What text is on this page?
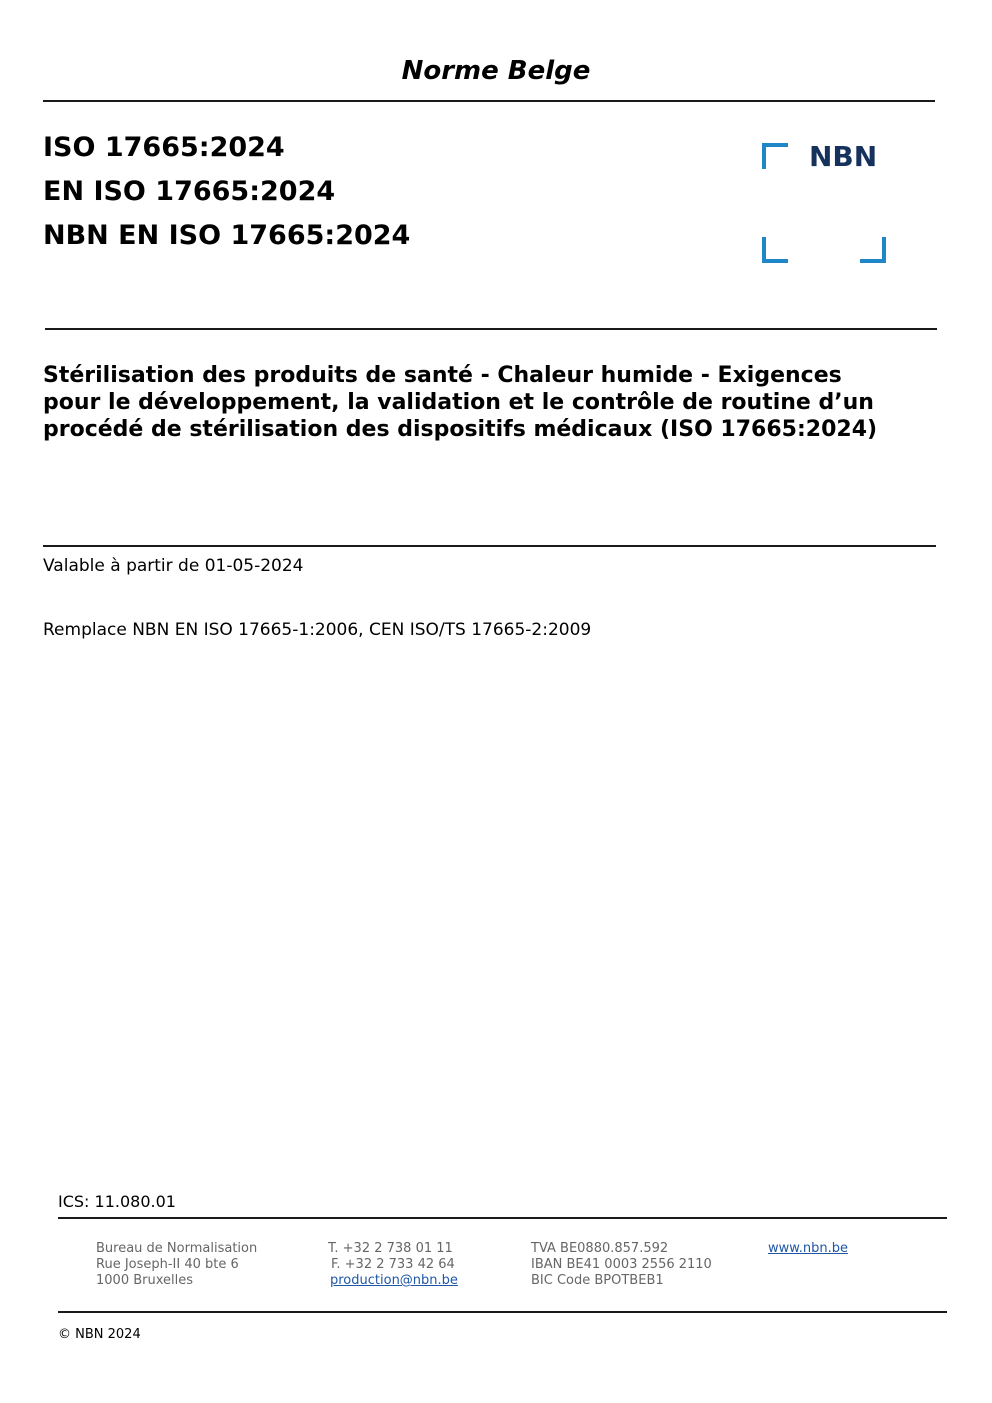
Norme Belge
ISO 17665:2024
EN ISO 17665:2024
NBN EN ISO 17665:2024
NBN
Stérilisation des produits de santé - Chaleur humide - Exigences pour le développement, la validation et le contrôle de routine d’un procédé de stérilisation des dispositifs médicaux (ISO 17665:2024)
Valable à partir de 01-05-2024
Remplace NBN EN ISO 17665-1:2006, CEN ISO/TS 17665-2:2009
ICS: 11.080.01
Bureau de Normalisation
Rue Joseph-II 40 bte 6
1000 Bruxelles
T. +32 2 738 01 11
F. +32 2 733 42 64
production@nbn.be
TVA BE0880.857.592
IBAN BE41 0003 2556 2110
BIC Code BPOTBEB1
www.nbn.be
© NBN 2024
